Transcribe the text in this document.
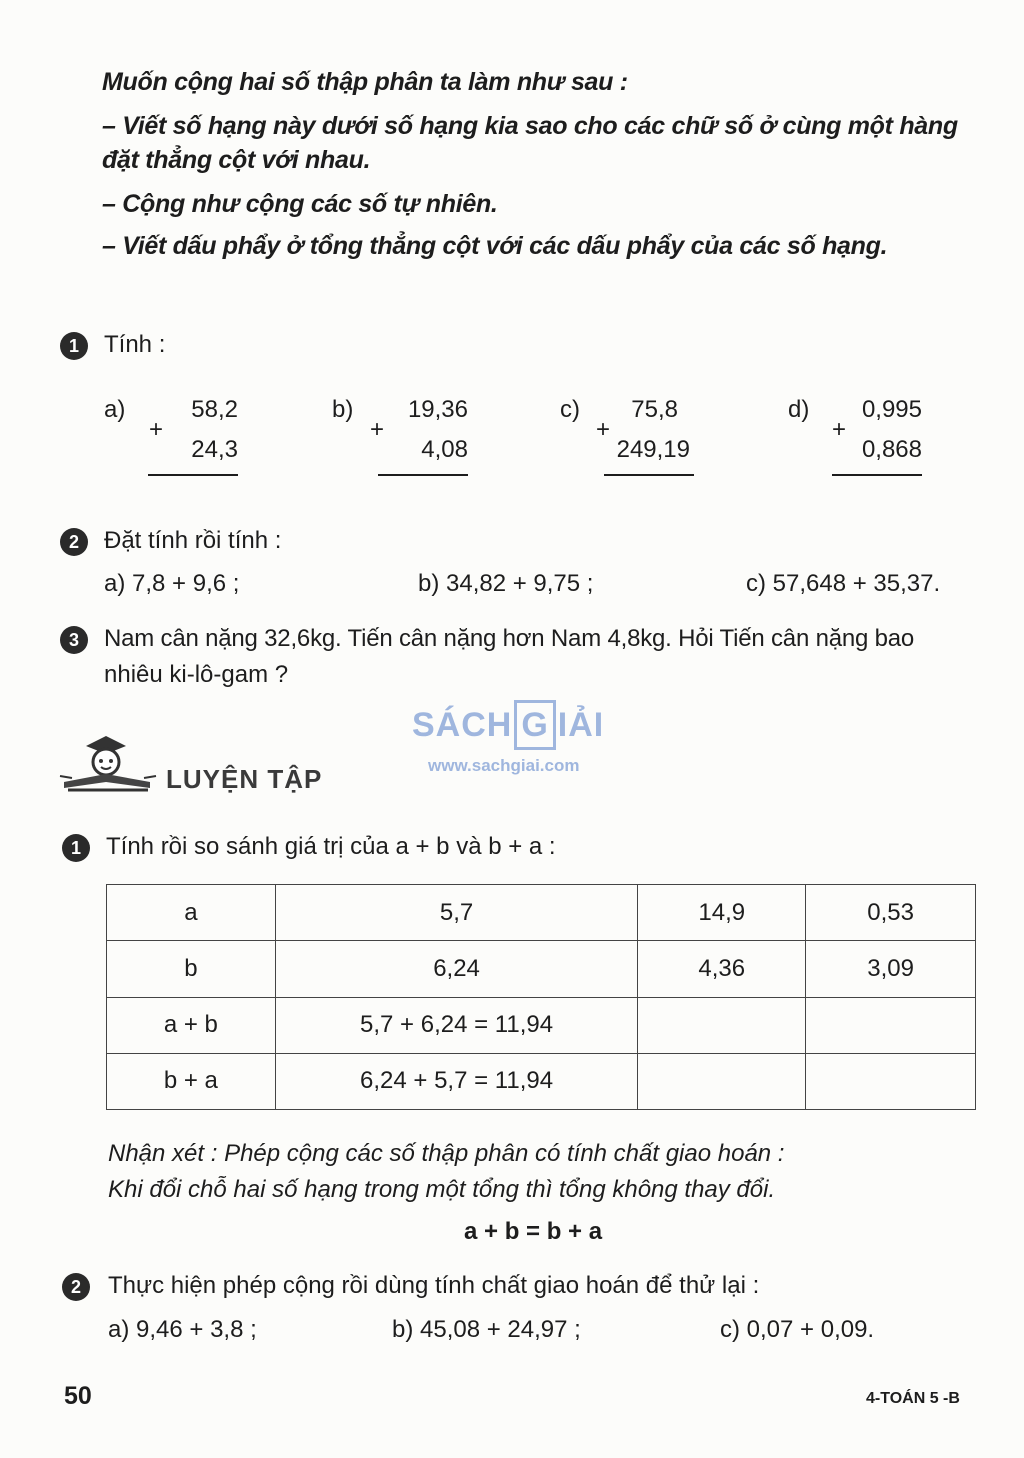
Muốn cộng hai số thập phân ta làm như sau :
– Viết số hạng này dưới số hạng kia sao cho các chữ số ở cùng một hàng
đặt thẳng cột với nhau.
– Cộng như cộng các số tự nhiên.
– Viết dấu phẩy ở tổng thẳng cột với các dấu phẩy của các số hạng.
1	Tính :
a)
+
58,2
24,3
b)
+
19,36
4,08
c)
+
75,8
249,19
d)
+
0,995
0,868
2	Đặt tính rồi tính :
a) 7,8 + 9,6 ;	b) 34,82 + 9,75 ;	c) 57,648 + 35,37.
3	Nam cân nặng 32,6kg. Tiến cân nặng hơn Nam 4,8kg. Hỏi Tiến cân nặng bao
nhiêu ki-lô-gam ?
SÁCH G IẢI
www.sachgiai.com
LUYỆN TẬP
1	Tính rồi so sánh giá trị của a + b và b + a :
a	5,7	14,9	0,53
b	6,24	4,36	3,09
a + b	5,7 + 6,24 = 11,94		
b + a	6,24 + 5,7 = 11,94		
Nhận xét : Phép cộng các số thập phân có tính chất giao hoán :
Khi đổi chỗ hai số hạng trong một tổng thì tổng không thay đổi.
a + b = b + a
2	Thực hiện phép cộng rồi dùng tính chất giao hoán để thử lại :
a) 9,46 + 3,8 ;	b) 45,08 + 24,97 ;	c) 0,07 + 0,09.
50	4-TOÁN 5 -B
